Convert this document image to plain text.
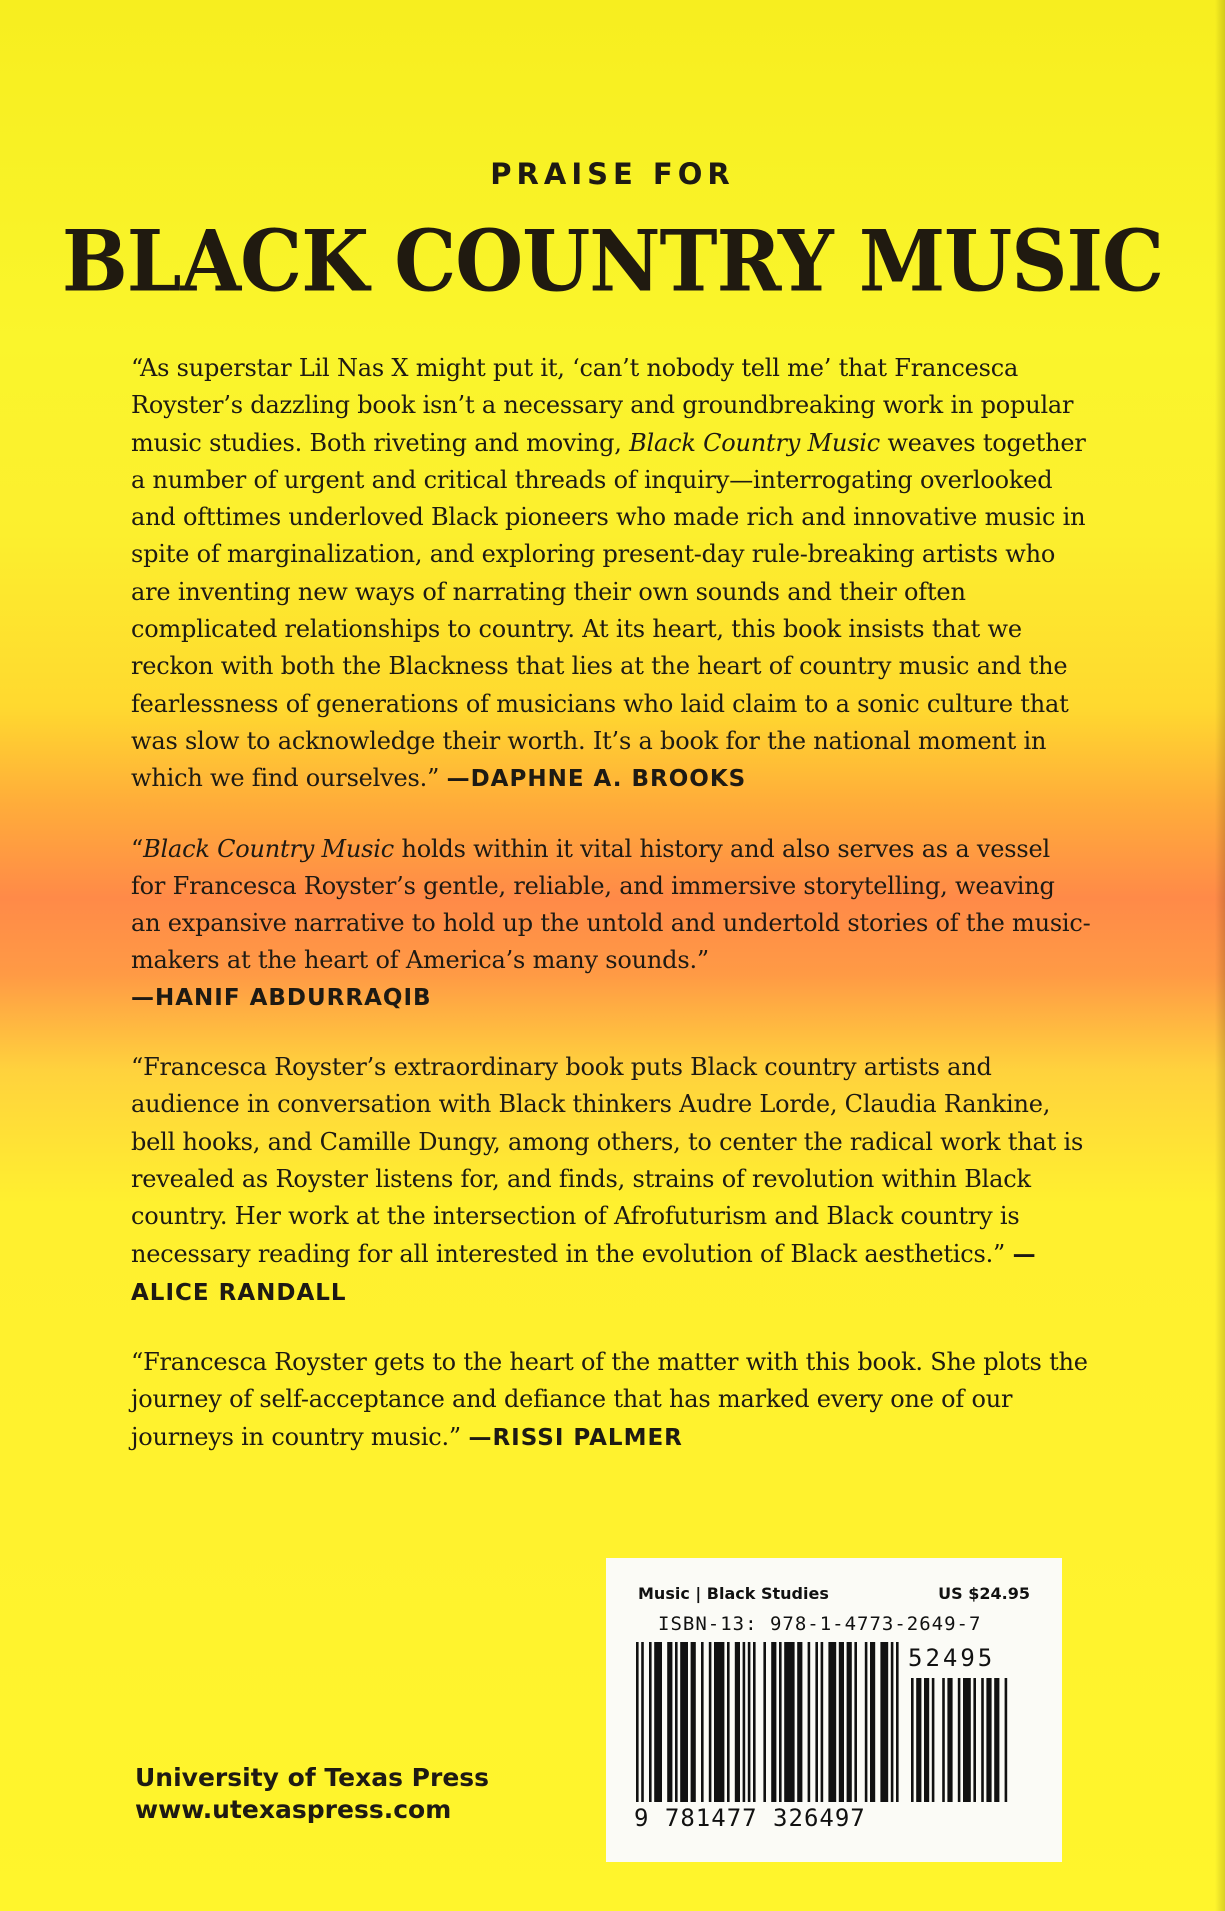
PRAISE FOR

BLACK COUNTRY MUSIC

“As superstar Lil Nas X might put it, ‘can’t nobody tell me’ that Francesca Royster’s dazzling book isn’t a necessary and groundbreaking work in popular music studies. Both riveting and moving, Black Country Music weaves together a number of urgent and critical threads of inquiry—interrogating overlooked and ofttimes underloved Black pioneers who made rich and innovative music in spite of marginalization, and exploring present-day rule-breaking artists who are inventing new ways of narrating their own sounds and their often complicated relationships to country. At its heart, this book insists that we reckon with both the Blackness that lies at the heart of country music and the fearlessness of generations of musicians who laid claim to a sonic culture that was slow to acknowledge their worth. It’s a book for the national moment in which we find ourselves.” —DAPHNE A. BROOKS

“Black Country Music holds within it vital history and also serves as a vessel for Francesca Royster’s gentle, reliable, and immersive storytelling, weaving an expansive narrative to hold up the untold and undertold stories of the music-makers at the heart of America’s many sounds.”
—HANIF ABDURRAQIB

“Francesca Royster’s extraordinary book puts Black country artists and audience in conversation with Black thinkers Audre Lorde, Claudia Rankine, bell hooks, and Camille Dungy, among others, to center the radical work that is revealed as Royster listens for, and finds, strains of revolution within Black country. Her work at the intersection of Afrofuturism and Black country is necessary reading for all interested in the evolution of Black aesthetics.” —ALICE RANDALL

“Francesca Royster gets to the heart of the matter with this book. She plots the journey of self-acceptance and defiance that has marked every one of our journeys in country music.” —RISSI PALMER

University of Texas Press
www.utexaspress.com
Music | Black Studies	US $24.95
ISBN-13: 978-1-4773-2649-7
52495
9 781477 326497
